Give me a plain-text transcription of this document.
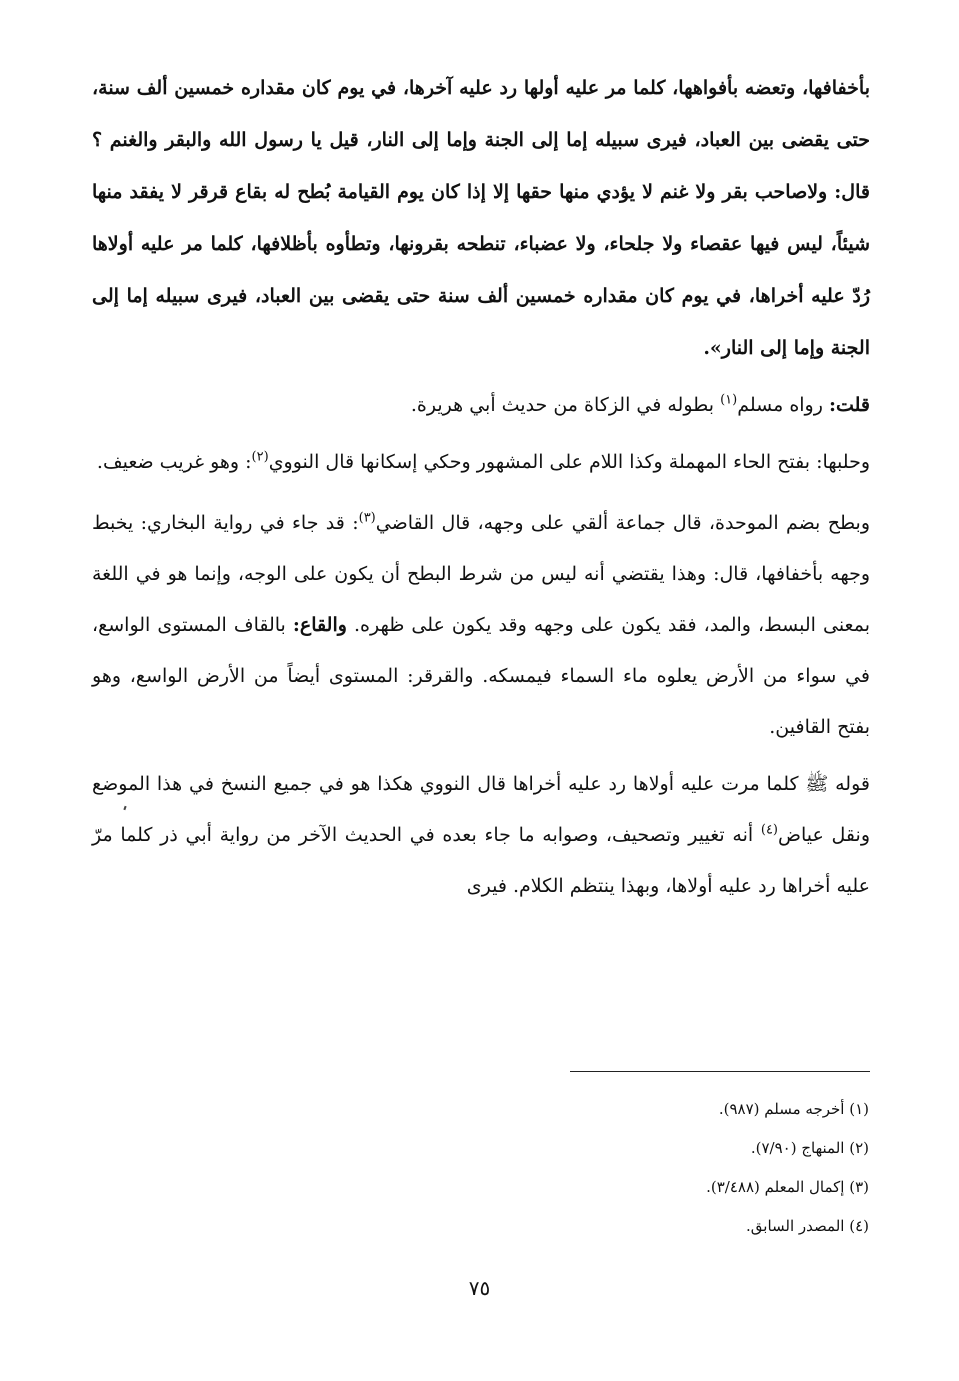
بأخفافها، وتعضه بأفواهها، كلما مر عليه أولها رد عليه آخرها، في يوم كان مقداره خمسين ألف سنة، حتى يقضى بين العباد، فيرى سبيله إما إلى الجنة وإما إلى النار، قيل يا رسول الله والبقر والغنم ؟ قال: ولاصاحب بقر ولا غنم لا يؤدي منها حقها إلا إذا كان يوم القيامة بُطح له بقاع قرقر لا يفقد منها شيئاً، ليس فيها عقصاء ولا جلحاء، ولا عضباء، تنطحه بقرونها، وتطأوه بأظلافها، كلما مر عليه أولاها رُدّ عليه أخراها، في يوم كان مقداره خمسين ألف سنة حتى يقضى بين العباد، فيرى سبيله إما إلى الجنة وإما إلى النار».

قلت: رواه مسلم$^{(١)}$ بطوله في الزكاة من حديث أبي هريرة.

وحلبها: بفتح الحاء المهملة وكذا اللام على المشهور وحكي إسكانها قال النووي$^{(٢)}$: وهو غريب ضعيف.

وبطح بضم الموحدة، قال جماعة ألقي على وجهه، قال القاضي$^{(٣)}$: قد جاء في رواية البخاري: يخبط وجهه بأخفافها، قال: وهذا يقتضي أنه ليس من شرط البطح أن يكون على الوجه، وإنما هو في اللغة بمعنى البسط، والمد، فقد يكون على وجهه وقد يكون على ظهره. والقاع: بالقاف المستوى الواسع، في سواء من الأرض يعلوه ماء السماء فيمسكه. والقرقر: المستوى أيضاً من الأرض الواسع، وهو بفتح القافين.

قوله ﷺ كلما مرت عليه أولاها رد عليه أخراها قال النووي هكذا هو في جميع النسخ في هذا الموضع ونقل عياض$^{(٤)}$ أنه تغيير وتصحيف، وصوابه ما جاء بعده في الحديث الآخر من رواية أبي ذر كلما مرّ عليه أخراها رد عليه أولاها، وبهذا ينتظم الكلام. فيرى

(١) أخرجه مسلم (٩٨٧).

(٢) المنهاج (٧/٩٠).

(٣) إكمال المعلم (٣/٤٨٨).

(٤) المصدر السابق.

٧٥
